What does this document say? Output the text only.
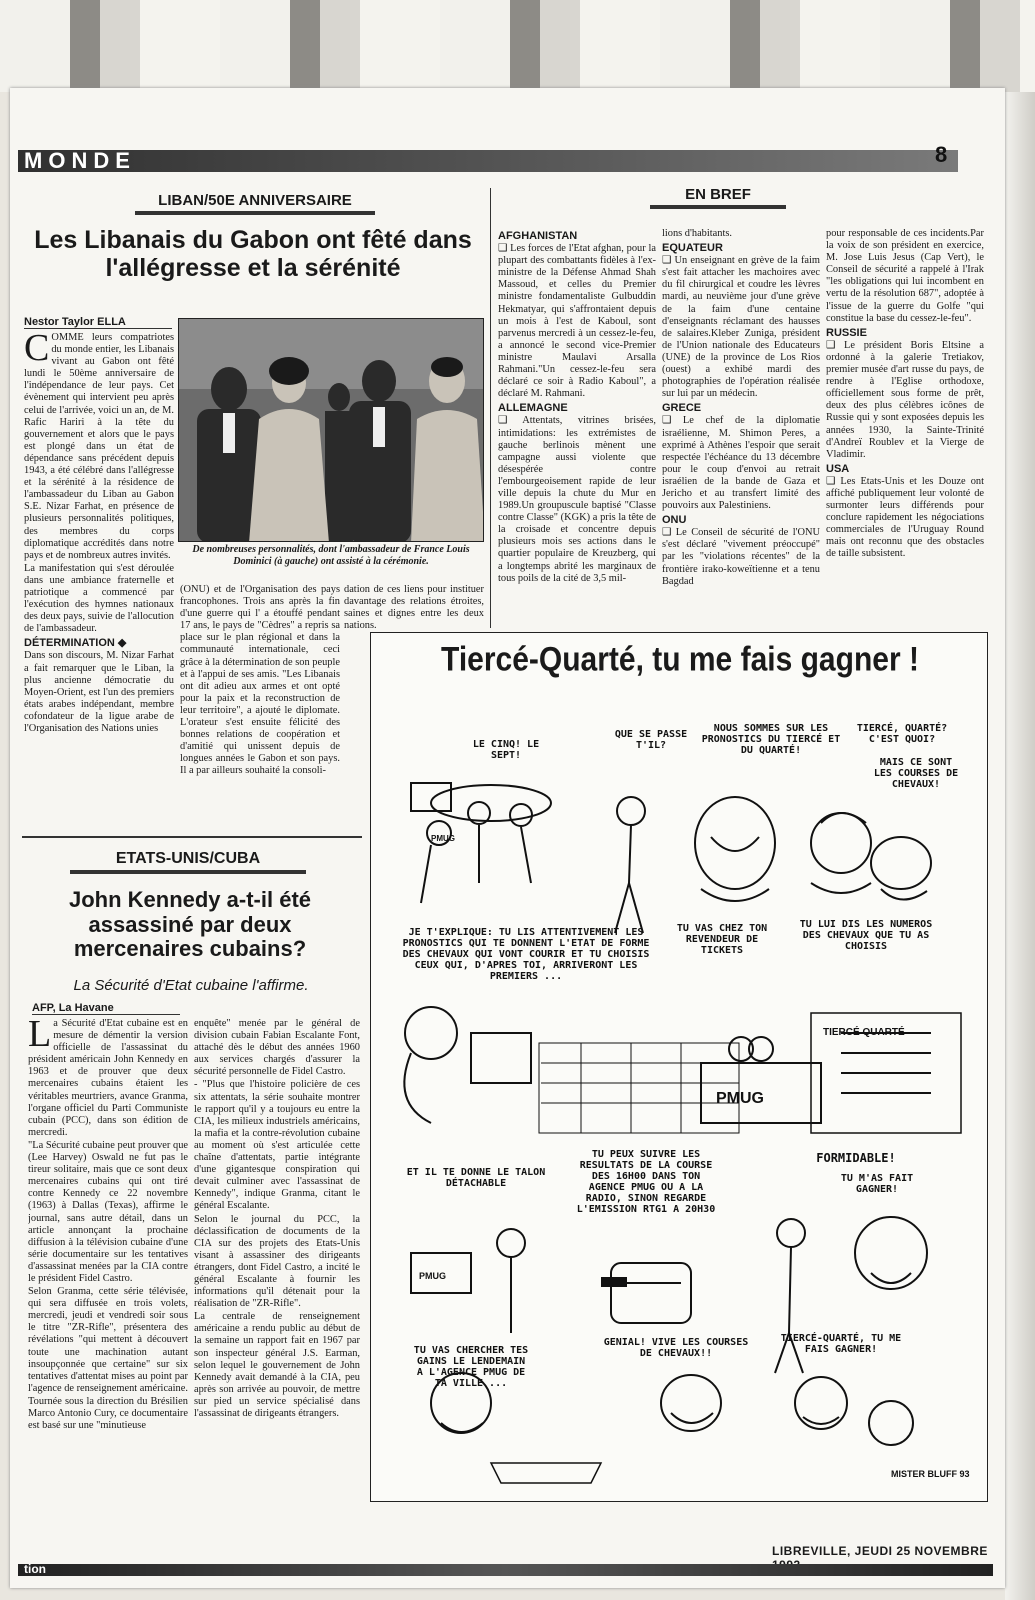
MONDE	8
LIBAN/50E ANNIVERSAIRE
Les Libanais du Gabon ont fêté dans l'allégresse et la sérénité
Nestor Taylor ELLA

COMME leurs compatriotes du monde entier, les Libanais vivant au Gabon ont fêté lundi le 50ème anniversaire de l'indépendance de leur pays. Cet évènement qui intervient peu après celui de l'arrivée, voici un an, de M. Rafic Hariri à la tête du gouvernement et alors que le pays est plongé dans un état de dépendance sans précédent depuis 1943, a été célébré dans l'allégresse et la sérénité à la résidence de l'ambassadeur du Liban au Gabon S.E. Nizar Farhat, en présence de plusieurs personnalités politiques, des membres du corps diplomatique accrédités dans notre pays et de nombreux autres invités.

La manifestation qui s'est déroulée dans une ambiance fraternelle et patriotique a commencé par l'exécution des hymnes nationaux des deux pays, suivie de l'allocution de l'ambassadeur.

DÉTERMINATION ◆

Dans son discours, M. Nizar Farhat a fait remarquer que le Liban, la plus ancienne démocratie du Moyen-Orient, est l'un des premiers états arabes indépendant, membre cofondateur de la ligue arabe de l'Organisation des Nations unies

De nombreuses personnalités, dont l'ambassadeur de France Louis Dominici (à gauche) ont assisté à la cérémonie.

(ONU) et de l'Organisation des pays francophones. Trois ans après la fin d'une guerre qui l' a étouffé pendant 17 ans, le pays de "Cèdres" a repris sa place sur le plan régional et dans la communauté internationale, ceci grâce à la détermination de son peuple et à l'appui de ses amis. "Les Libanais ont dit adieu aux armes et ont opté pour la paix et la reconstruction de leur territoire", a ajouté le diplomate. L'orateur s'est ensuite félicité des bonnes relations de coopération et d'amitié qui unissent depuis de longues années le Gabon et son pays. Il a par ailleurs souhaité la consoli-

dation de ces liens pour instituer davantage des relations étroites, saines et dignes entre les deux nations.

EN BREF

AFGHANISTAN

❑ Les forces de l'Etat afghan, pour la plupart des combattants fidèles à l'ex-ministre de la Défense Ahmad Shah Massoud, et celles du Premier ministre fondamentaliste Gulbuddin Hekmatyar, qui s'affrontaient depuis un mois à l'est de Kaboul, sont parvenus mercredi à un cessez-le-feu, a annoncé le second vice-Premier ministre Maulavi Arsalla Rahmani."Un cessez-le-feu sera déclaré ce soir à Radio Kaboul", a déclaré M. Rahmani.

ALLEMAGNE

❑ Attentats, vitrines brisées, intimidations: les extrémistes de gauche berlinois mènent une campagne aussi violente que désespérée contre l'embourgeoisement rapide de leur ville depuis la chute du Mur en 1989.Un groupuscule baptisé "Classe contre Classe" (KGK) a pris la tête de la croisade et concentre depuis plusieurs mois ses actions dans le quartier populaire de Kreuzberg, qui a longtemps abrité les marginaux de tous poils de la cité de 3,5 mil-

lions d'habitants.

EQUATEUR

❑ Un enseignant en grève de la faim s'est fait attacher les machoires avec du fil chirurgical et coudre les lèvres mardi, au neuvième jour d'une grève de la faim d'une centaine d'enseignants réclamant des hausses de salaires.Kleber Zuniga, président de l'Union nationale des Educateurs (UNE) de la province de Los Rios (ouest) a exhibé mardi des photographies de l'opération réalisée sur lui par un médecin.

GRECE

❑ Le chef de la diplomatie israélienne, M. Shimon Peres, a exprimé à Athènes l'espoir que serait respectée l'échéance du 13 décembre pour le coup d'envoi au retrait israélien de la bande de Gaza et Jericho et au transfert limité des pouvoirs aux Palestiniens.

ONU

❑ Le Conseil de sécurité de l'ONU s'est déclaré "vivement préoccupé" par les "violations récentes" de la frontière irako-koweïtienne et a tenu Bagdad

pour responsable de ces incidents.Par la voix de son président en exercice, M. Jose Luis Jesus (Cap Vert), le Conseil de sécurité a rappelé à l'Irak "les obligations qui lui incombent en vertu de la résolution 687", adoptée à l'issue de la guerre du Golfe "qui constitue la base du cessez-le-feu".

RUSSIE

❑ Le président Boris Eltsine a ordonné à la galerie Tretiakov, premier musée d'art russe du pays, de rendre à l'Eglise orthodoxe, officiellement sous forme de prêt, deux des plus célèbres icônes de Russie qui y sont exposées depuis les années 1930, la Sainte-Trinité d'Andreï Roublev et la Vierge de Vladimir.

USA

❑ Les Etats-Unis et les Douze ont affiché publiquement leur volonté de surmonter leurs différends pour conclure rapidement les négociations commerciales de l'Uruguay Round mais ont reconnu que des obstacles de taille subsistent.

ETATS-UNIS/CUBA
John Kennedy a-t-il été assassiné par deux mercenaires cubains?
La Sécurité d'Etat cubaine l'affirme.
AFP, La Havane

La Sécurité d'Etat cubaine est en mesure de démentir la version officielle de l'assassinat du président américain John Kennedy en 1963 et de prouver que deux mercenaires cubains étaient les véritables meurtriers, avance Granma, l'organe officiel du Parti Communiste cubain (PCC), dans son édition de mercredi.

"La Sécurité cubaine peut prouver que (Lee Harvey) Oswald ne fut pas le tireur solitaire, mais que ce sont deux mercenaires cubains qui ont tiré contre Kennedy ce 22 novembre (1963) à Dallas (Texas), affirme le journal, sans autre détail, dans un article annonçant la prochaine diffusion à la télévision cubaine d'une série documentaire sur les tentatives d'assassinat menées par la CIA contre le président Fidel Castro.

Selon Granma, cette série télévisée, qui sera diffusée en trois volets, mercredi, jeudi et vendredi soir sous le titre "ZR-Rifle", présentera des révélations "qui mettent à découvert toute une machination autant insoupçonnée que certaine" sur six tentatives d'attentat mises au point par l'agence de renseignement américaine.

Tournée sous la direction du Brésilien Marco Antonio Cury, ce documentaire est basé sur une "minutieuse

enquête" menée par le général de division cubain Fabian Escalante Font, attaché dès le début des années 1960 aux services chargés d'assurer la sécurité personnelle de Fidel Castro.

- "Plus que l'histoire policière de ces six attentats, la série souhaite montrer le rapport qu'il y a toujours eu entre la CIA, les milieux industriels américains, la mafia et la contre-révolution cubaine au moment où s'est articulée cette chaîne d'attentats, partie intégrante d'une gigantesque conspiration qui devait culminer avec l'assassinat de Kennedy", indique Granma, citant le général Escalante.

Selon le journal du PCC, la déclassification de documents de la CIA sur des projets des Etats-Unis visant à assassiner des dirigeants étrangers, dont Fidel Castro, a incité le général Escalante à fournir les informations qu'il détenait pour la réalisation de "ZR-Rifle".

La centrale de renseignement américaine a rendu public au début de la semaine un rapport fait en 1967 par son inspecteur général J.S. Earman, selon lequel le gouvernement de John Kennedy avait demandé à la CIA, peu après son arrivée au pouvoir, de mettre sur pied un service spécialisé dans l'assassinat de dirigeants étrangers.

Tiercé-Quarté, tu me fais gagner !
PMUG
PMUG
PMUG
TIERCÉ QUARTÉ
MISTER BLUFF 93
LE CINQ! LE SEPT!
QUE SE PASSE T'IL?
NOUS SOMMES SUR LES PRONOSTICS DU TIERCÉ ET DU QUARTÉ!
TIERCÉ, QUARTÉ? C'EST QUOI?
MAIS CE SONT LES COURSES DE CHEVAUX!
JE T'EXPLIQUE: TU LIS ATTENTIVEMENT LES PRONOSTICS QUI TE DONNENT L'ETAT DE FORME DES CHEVAUX QUI VONT COURIR ET TU CHOISIS CEUX QUI, D'APRES TOI, ARRIVERONT LES PREMIERS ...
TU VAS CHEZ TON REVENDEUR DE TICKETS
TU LUI DIS LES NUMEROS DES CHEVAUX QUE TU AS CHOISIS
ET IL TE DONNE LE TALON DÉTACHABLE
TU PEUX SUIVRE LES RESULTATS DE LA COURSE DES 16H00 DANS TON AGENCE PMUG OU A LA RADIO, SINON REGARDE L'EMISSION RTG1 A 20H30
FORMIDABLE!
TU M'AS FAIT GAGNER!
TU VAS CHERCHER TES GAINS LE LENDEMAIN A L'AGENCE PMUG DE TA VILLE ...
GENIAL! VIVE LES COURSES DE CHEVAUX!!
TIERCÉ-QUARTÉ, TU ME FAIS GAGNER!
LIBREVILLE, JEUDI 25 NOVEMBRE
tion
